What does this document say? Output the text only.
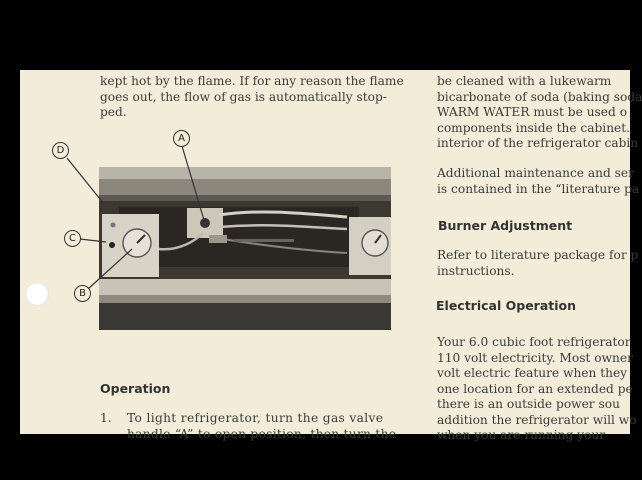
kept hot by the flame. If for any reason the flame

goes out, the flow of gas is automatically stop-

ped.

D
A
C
B
Operation
1. To light refrigerator, turn the gas valve
handle “A” to open position, then turn the
be cleaned with a lukewarm
bicarbonate of soda (baking soda
WARM WATER must be used o
components inside the cabinet.
interior of the refrigerator cabin
Additional maintenance and ser
is contained in the “literature pa
Burner Adjustment
Refer to literature package for p
instructions.
Electrical Operation
Your 6.0 cubic foot refrigerator
110 volt electricity. Most owner
volt electric feature when they
one location for an extended pe
there is an outside power sou
addition the refrigerator will wo
when you are running your
